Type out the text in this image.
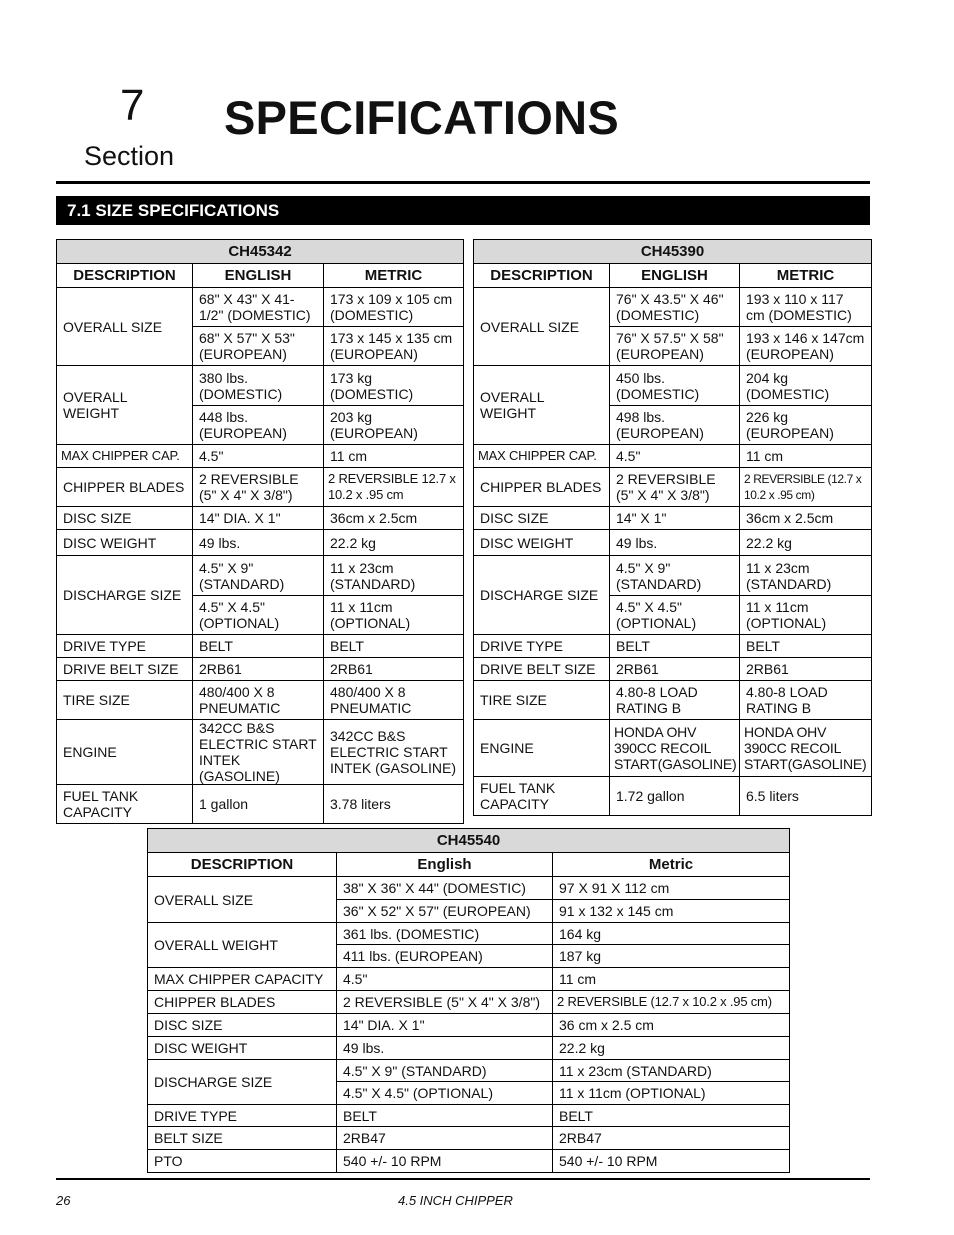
7
Section
SPECIFICATIONS
7.1 SIZE SPECIFICATIONS
CH45342		
DESCRIPTION	ENGLISH	METRIC
OVERALL SIZE	68" X 43" X 41-1/2" (DOMESTIC)	173 x 109 x 105 cm (DOMESTIC)
	68" X 57" X 53" (EUROPEAN)	173 x 145 x 135 cm (EUROPEAN)
OVERALL WEIGHT	380 lbs. (DOMESTIC)	173 kg (DOMESTIC)
	448 lbs. (EUROPEAN)	203 kg (EUROPEAN)
MAX CHIPPER CAP.	4.5"	11 cm
CHIPPER BLADES	2 REVERSIBLE (5" X 4" X 3/8")	2 REVERSIBLE 12.7 x 10.2 x .95 cm
DISC SIZE	14" DIA. X 1"	36cm x 2.5cm
DISC WEIGHT	49 lbs.	22.2 kg
DISCHARGE SIZE	4.5" X 9" (STANDARD)	11 x 23cm (STANDARD)
	4.5" X 4.5" (OPTIONAL)	11 x 11cm (OPTIONAL)
DRIVE TYPE	BELT	BELT
DRIVE BELT SIZE	2RB61	2RB61
TIRE SIZE	480/400 X 8 PNEUMATIC	480/400 X 8 PNEUMATIC
ENGINE	342CC B&S ELECTRIC START INTEK (GASOLINE)	342CC B&S ELECTRIC START INTEK (GASOLINE)
FUEL TANK CAPACITY	1 gallon	3.78 liters
CH45390		
DESCRIPTION	ENGLISH	METRIC
OVERALL SIZE	76" X 43.5" X 46" (DOMESTIC)	193 x 110 x 117 cm (DOMESTIC)
	76" X 57.5" X 58" (EUROPEAN)	193 x 146 x 147cm (EUROPEAN)
OVERALL WEIGHT	450 lbs. (DOMESTIC)	204 kg (DOMESTIC)
	498 lbs. (EUROPEAN)	226 kg (EUROPEAN)
MAX CHIPPER CAP.	4.5"	11 cm
CHIPPER BLADES	2 REVERSIBLE (5" X 4" X 3/8")	2 REVERSIBLE (12.7 x 10.2 x .95 cm)
DISC SIZE	14" X 1"	36cm x 2.5cm
DISC WEIGHT	49 lbs.	22.2 kg
DISCHARGE SIZE	4.5" X 9" (STANDARD)	11 x 23cm (STANDARD)
	4.5" X 4.5" (OPTIONAL)	11 x 11cm (OPTIONAL)
DRIVE TYPE	BELT	BELT
DRIVE BELT SIZE	2RB61	2RB61
TIRE SIZE	4.80-8 LOAD RATING B	4.80-8 LOAD RATING B
ENGINE	HONDA OHV 390CC RECOIL START(GASOLINE)	HONDA OHV 390CC RECOIL START(GASOLINE)
FUEL TANK CAPACITY	1.72 gallon	6.5 liters
CH45540		
DESCRIPTION	English	Metric
OVERALL SIZE	38" X 36" X 44" (DOMESTIC)	97 X 91 X 112 cm
	36" X 52" X 57" (EUROPEAN)	91 x 132 x 145 cm
OVERALL WEIGHT	361 lbs. (DOMESTIC)	164 kg
	411 lbs. (EUROPEAN)	187 kg
MAX CHIPPER CAPACITY	4.5"	11 cm
CHIPPER BLADES	2 REVERSIBLE (5" X 4" X 3/8")	2 REVERSIBLE (12.7 x 10.2 x .95 cm)
DISC SIZE	14" DIA. X 1"	36 cm x 2.5 cm
DISC WEIGHT	49 lbs.	22.2 kg
DISCHARGE SIZE	4.5" X 9" (STANDARD)	11 x 23cm (STANDARD)
	4.5" X 4.5" (OPTIONAL)	11 x 11cm (OPTIONAL)
DRIVE TYPE	BELT	BELT
BELT SIZE	2RB47	2RB47
PTO	540 +/- 10 RPM	540 +/- 10 RPM
26	4.5 INCH CHIPPER
